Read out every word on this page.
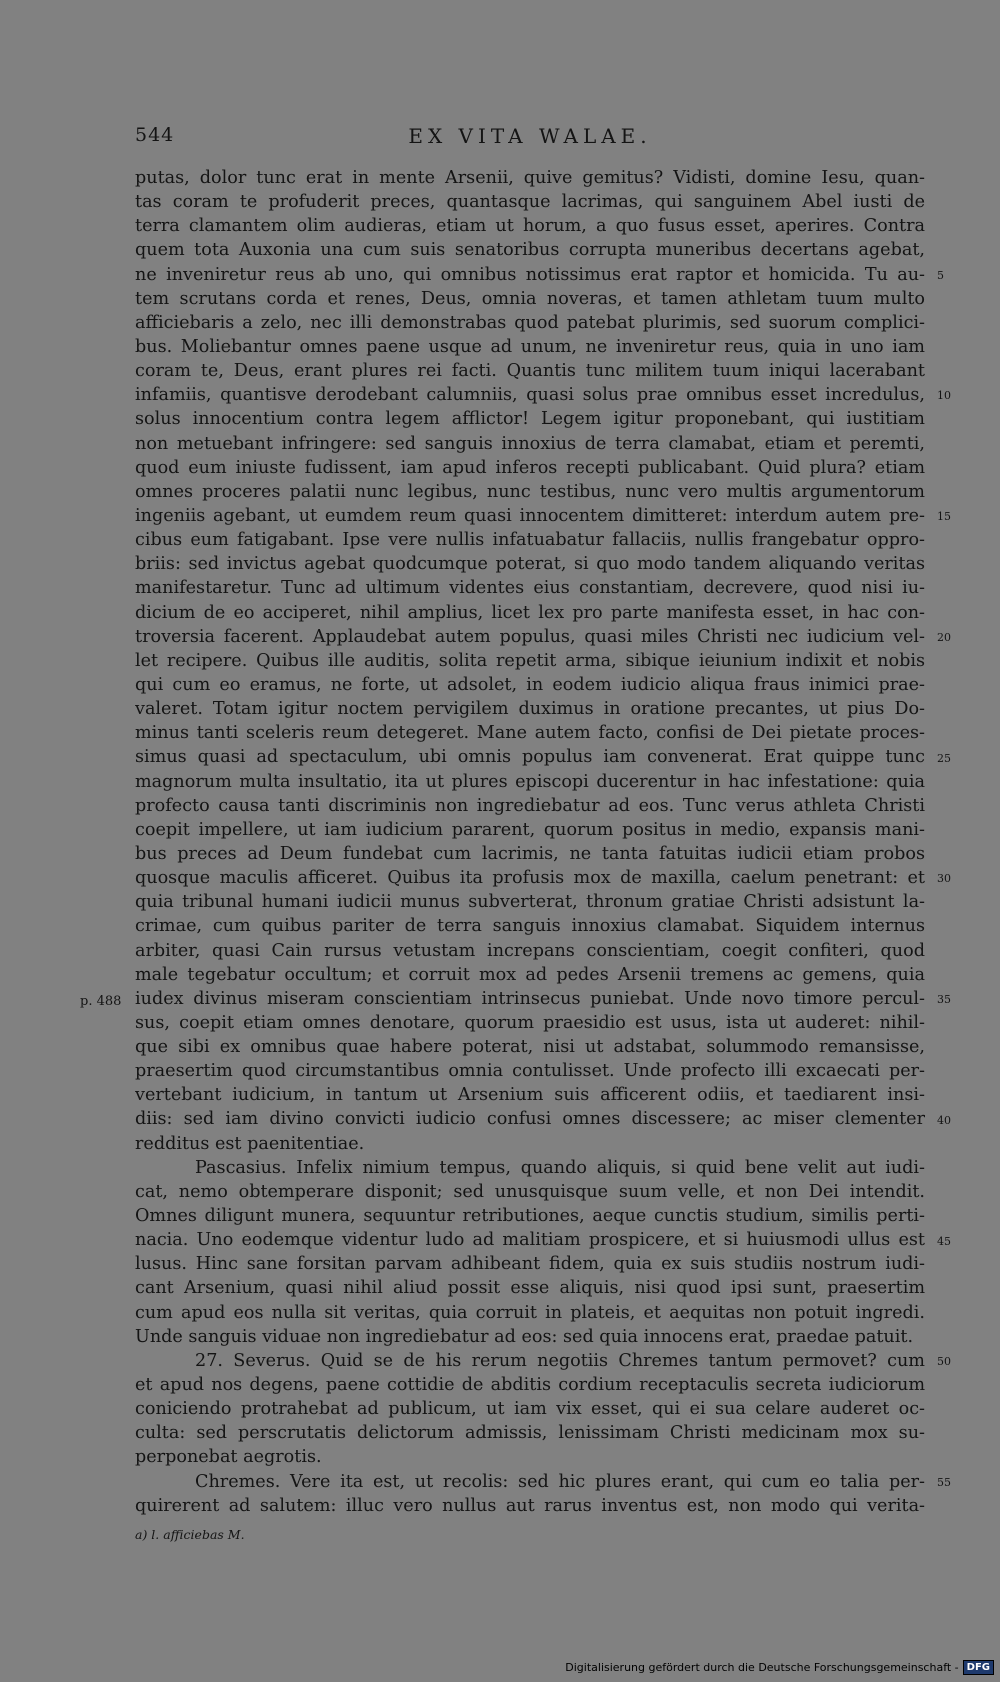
544	EX VITA WALAE.
putas, dolor tunc erat in mente Arsenii, quive gemitus? Vidisti, domine Iesu, quan-
tas coram te profuderit preces, quantasque lacrimas, qui sanguinem Abel iusti de
terra clamantem olim audieras, etiam ut horum, a quo fusus esset, aperires. Contra
quem tota Auxonia una cum suis senatoribus corrupta muneribus decertans agebat,
ne inveniretur reus ab uno, qui omnibus notissimus erat raptor et homicida. Tu au-
tem scrutans corda et renes, Deus, omnia noveras, et tamen athletam tuum multo
afficiebaris a zelo, nec illi demonstrabas quod patebat plurimis, sed suorum complici-
bus. Moliebantur omnes paene usque ad unum, ne inveniretur reus, quia in uno iam
coram te, Deus, erant plures rei facti. Quantis tunc militem tuum iniqui lacerabant
infamiis, quantisve derodebant calumniis, quasi solus prae omnibus esset incredulus,
solus innocentium contra legem afflictor! Legem igitur proponebant, qui iustitiam
non metuebant infringere: sed sanguis innoxius de terra clamabat, etiam et peremti,
quod eum iniuste fudissent, iam apud inferos recepti publicabant. Quid plura? etiam
omnes proceres palatii nunc legibus, nunc testibus, nunc vero multis argumentorum
ingeniis agebant, ut eumdem reum quasi innocentem dimitteret: interdum autem pre-
cibus eum fatigabant. Ipse vere nullis infatuabatur fallaciis, nullis frangebatur oppro-
briis: sed invictus agebat quodcumque poterat, si quo modo tandem aliquando veritas
manifestaretur. Tunc ad ultimum videntes eius constantiam, decrevere, quod nisi iu-
dicium de eo acciperet, nihil amplius, licet lex pro parte manifesta esset, in hac con-
troversia facerent. Applaudebat autem populus, quasi miles Christi nec iudicium vel-
let recipere. Quibus ille auditis, solita repetit arma, sibique ieiunium indixit et nobis
qui cum eo eramus, ne forte, ut adsolet, in eodem iudicio aliqua fraus inimici prae-
valeret. Totam igitur noctem pervigilem duximus in oratione precantes, ut pius Do-
minus tanti sceleris reum detegeret. Mane autem facto, confisi de Dei pietate proces-
simus quasi ad spectaculum, ubi omnis populus iam convenerat. Erat quippe tunc
magnorum multa insultatio, ita ut plures episcopi ducerentur in hac infestatione: quia
profecto causa tanti discriminis non ingrediebatur ad eos. Tunc verus athleta Christi
coepit impellere, ut iam iudicium pararent, quorum positus in medio, expansis mani-
bus preces ad Deum fundebat cum lacrimis, ne tanta fatuitas iudicii etiam probos
quosque maculis afficeret. Quibus ita profusis mox de maxilla, caelum penetrant: et
quia tribunal humani iudicii munus subverterat, thronum gratiae Christi adsistunt la-
crimae, cum quibus pariter de terra sanguis innoxius clamabat. Siquidem internus
arbiter, quasi Cain rursus vetustam increpans conscientiam, coegit confiteri, quod
male tegebatur occultum; et corruit mox ad pedes Arsenii tremens ac gemens, quia
iudex divinus miseram conscientiam intrinsecus puniebat. Unde novo timore percul-
sus, coepit etiam omnes denotare, quorum praesidio est usus, ista ut auderet: nihil-
que sibi ex omnibus quae habere poterat, nisi ut adstabat, solummodo remansisse,
praesertim quod circumstantibus omnia contulisset. Unde profecto illi excaecati per-
vertebant iudicium, in tantum ut Arsenium suis afficerent odiis, et taediarent insi-
diis: sed iam divino convicti iudicio confusi omnes discessere; ac miser clementer
redditus est paenitentiae.
Pascasius. Infelix nimium tempus, quando aliquis, si quid bene velit aut iudi-
cat, nemo obtemperare disponit; sed unusquisque suum velle, et non Dei intendit.
Omnes diligunt munera, sequuntur retributiones, aeque cunctis studium, similis perti-
nacia. Uno eodemque videntur ludo ad malitiam prospicere, et si huiusmodi ullus est
lusus. Hinc sane forsitan parvam adhibeant fidem, quia ex suis studiis nostrum iudi-
cant Arsenium, quasi nihil aliud possit esse aliquis, nisi quod ipsi sunt, praesertim
cum apud eos nulla sit veritas, quia corruit in plateis, et aequitas non potuit ingredi.
Unde sanguis viduae non ingrediebatur ad eos: sed quia innocens erat, praedae patuit.
27. Severus. Quid se de his rerum negotiis Chremes tantum permovet? cum
et apud nos degens, paene cottidie de abditis cordium receptaculis secreta iudiciorum
coniciendo protrahebat ad publicum, ut iam vix esset, qui ei sua celare auderet oc-
culta: sed perscrutatis delictorum admissis, lenissimam Christi medicinam mox su-
perponebat aegrotis.
Chremes. Vere ita est, ut recolis: sed hic plures erant, qui cum eo talia per-
quirerent ad salutem: illuc vero nullus aut rarus inventus est, non modo qui verita-
5
10
15
20
25
30
35
40
45
50
55
p. 488
a) l. afficiebas M.
Digitalisierung gefördert durch die Deutsche Forschungsgemeinschaft - DFG
